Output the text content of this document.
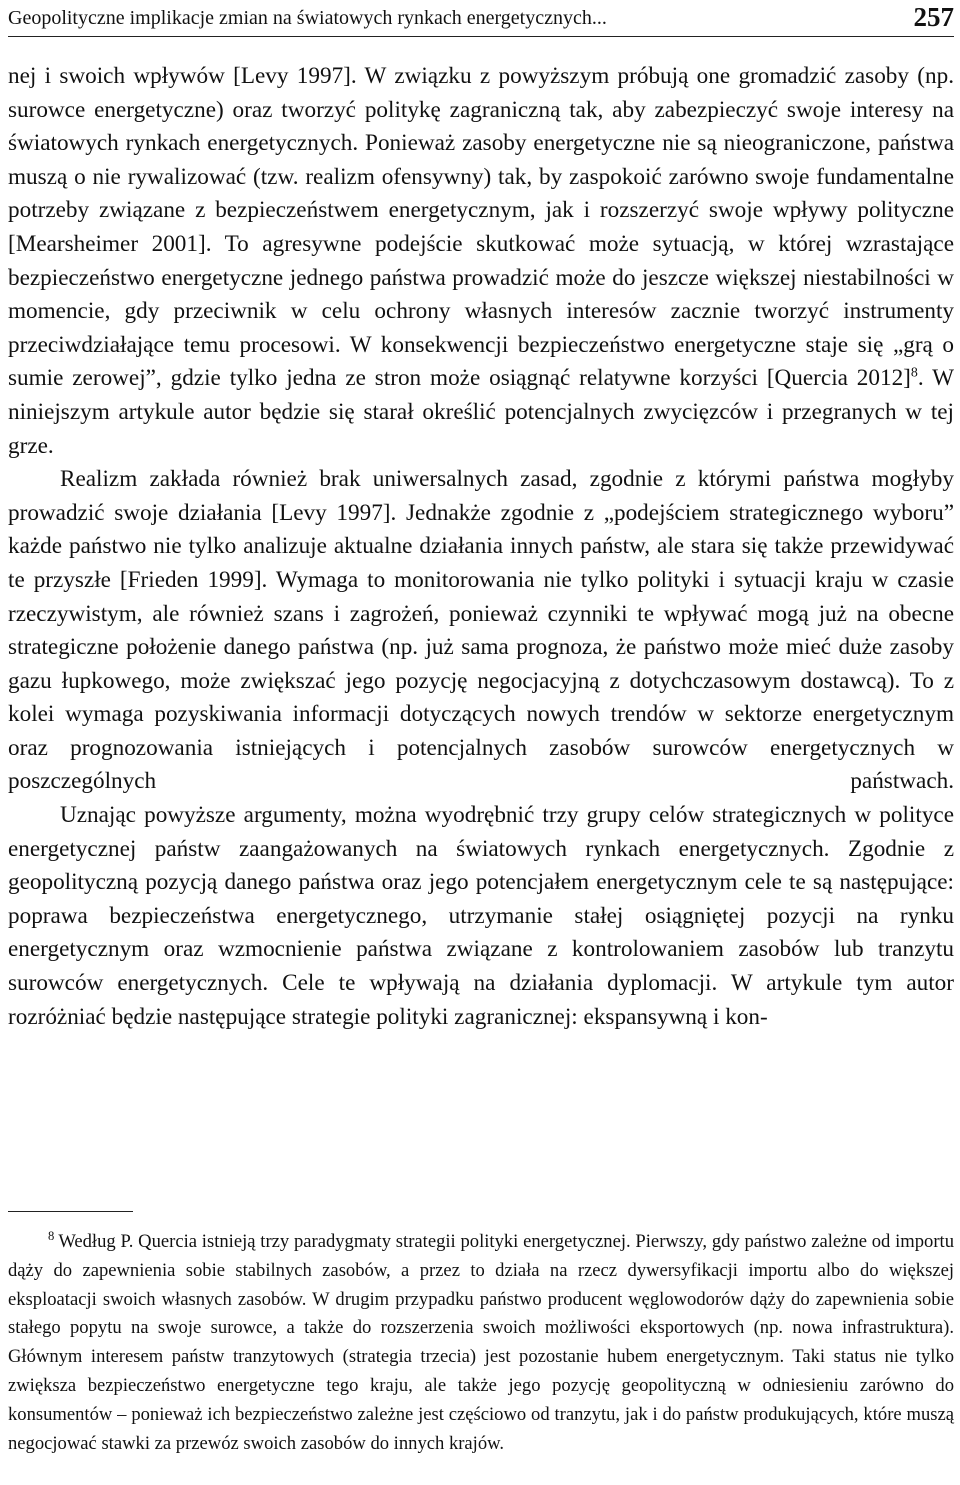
Geopolityczne implikacje zmian na światowych rynkach energetycznych...	257

nej i swoich wpływów [Levy 1997]. W związku z powyższym próbują one gromadzić zasoby (np. surowce energetyczne) oraz tworzyć politykę zagraniczną tak, aby zabezpieczyć swoje interesy na światowych rynkach energetycznych. Ponieważ zasoby energetyczne nie są nieograniczone, państwa muszą o nie rywalizować (tzw. realizm ofensywny) tak, by zaspokoić zarówno swoje fundamentalne potrzeby związane z bezpieczeństwem energetycznym, jak i rozszerzyć swoje wpływy polityczne [Mearsheimer 2001]. To agresywne podejście skutkować może sytuacją, w której wzrastające bezpieczeństwo energetyczne jednego państwa prowadzić może do jeszcze większej niestabilności w momencie, gdy przeciwnik w celu ochrony własnych interesów zacznie tworzyć instrumenty przeciwdziałające temu procesowi. W konsekwencji bezpieczeństwo energetyczne staje się „grą o sumie zerowej”, gdzie tylko jedna ze stron może osiągnąć relatywne korzyści [Quercia 2012]$^8$. W niniejszym artykule autor będzie się starał określić potencjalnych zwycięzców i przegranych w tej grze.

Realizm zakłada również brak uniwersalnych zasad, zgodnie z którymi państwa mogłyby prowadzić swoje działania [Levy 1997]. Jednakże zgodnie z „podejściem strategicznego wyboru” każde państwo nie tylko analizuje aktualne działania innych państw, ale stara się także przewidywać te przyszłe [Frieden 1999]. Wymaga to monitorowania nie tylko polityki i sytuacji kraju w czasie rzeczywistym, ale również szans i zagrożeń, ponieważ czynniki te wpływać mogą już na obecne strategiczne położenie danego państwa (np. już sama prognoza, że państwo może mieć duże zasoby gazu łupkowego, może zwiększać jego pozycję negocjacyjną z dotychczasowym dostawcą). To z kolei wymaga pozyskiwania informacji dotyczących nowych trendów w sektorze energetycznym oraz prognozowania istniejących i potencjalnych zasobów surowców energetycznych w poszczególnych państwach.

Uznając powyższe argumenty, można wyodrębnić trzy grupy celów strategicznych w polityce energetycznej państw zaangażowanych na światowych rynkach energetycznych. Zgodnie z geopolityczną pozycją danego państwa oraz jego potencjałem energetycznym cele te są następujące: poprawa bezpieczeństwa energetycznego, utrzymanie stałej osiągniętej pozycji na rynku energetycznym oraz wzmocnienie państwa związane z kontrolowaniem zasobów lub tranzytu surowców energetycznych. Cele te wpływają na działania dyplomacji. W artykule tym autor rozróżniać będzie następujące strategie polityki zagranicznej: ekspansywną i kon-

$^8$ Według P. Quercia istnieją trzy paradygmaty strategii polityki energetycznej. Pierwszy, gdy państwo zależne od importu dąży do zapewnienia sobie stabilnych zasobów, a przez to działa na rzecz dywersyfikacji importu albo do większej eksploatacji swoich własnych zasobów. W drugim przypadku państwo producent węglowodorów dąży do zapewnienia sobie stałego popytu na swoje surowce, a także do rozszerzenia swoich możliwości eksportowych (np. nowa infrastruktura). Głównym interesem państw tranzytowych (strategia trzecia) jest pozostanie hubem energetycznym. Taki status nie tylko zwiększa bezpieczeństwo energetyczne tego kraju, ale także jego pozycję geopolityczną w odniesieniu zarówno do konsumentów – ponieważ ich bezpieczeństwo zależne jest częściowo od tranzytu, jak i do państw produkujących, które muszą negocjować stawki za przewóz swoich zasobów do innych krajów.
